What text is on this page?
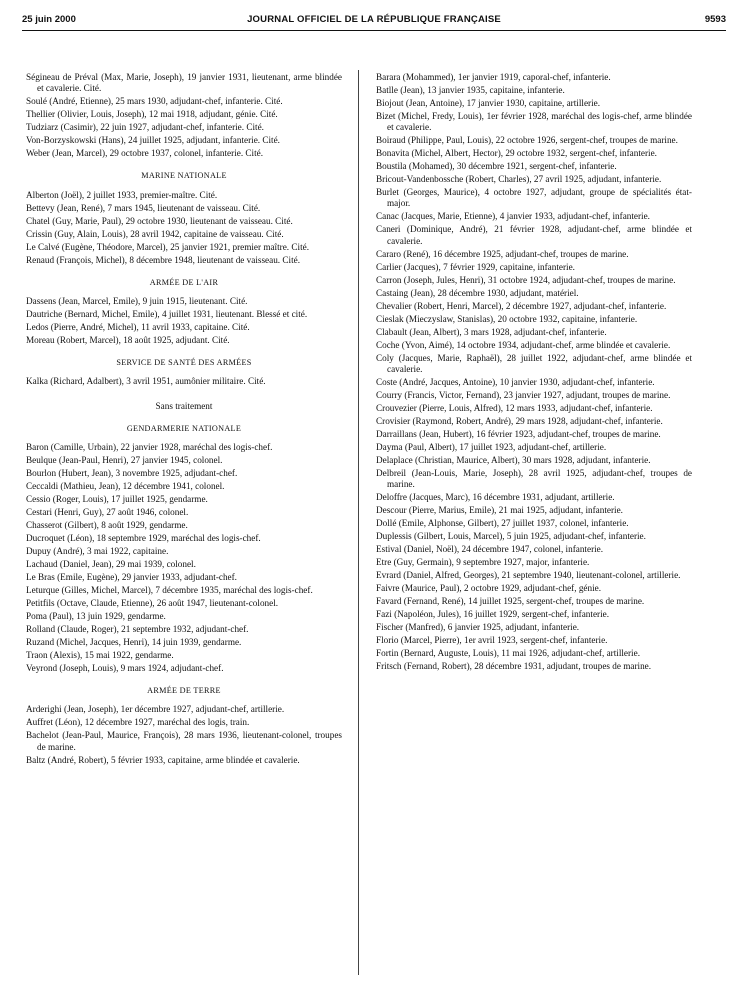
25 juin 2000	JOURNAL OFFICIEL DE LA RÉPUBLIQUE FRANÇAISE	9593
Ségineau de Préval (Max, Marie, Joseph), 19 janvier 1931, lieutenant, arme blindée et cavalerie. Cité.
Soulé (André, Etienne), 25 mars 1930, adjudant-chef, infanterie. Cité.
Thellier (Olivier, Louis, Joseph), 12 mai 1918, adjudant, génie. Cité.
Tudziarz (Casimir), 22 juin 1927, adjudant-chef, infanterie. Cité.
Von-Borzyskowski (Hans), 24 juillet 1925, adjudant, infanterie. Cité.
Weber (Jean, Marcel), 29 octobre 1937, colonel, infanterie. Cité.
MARINE NATIONALE
Alberton (Joël), 2 juillet 1933, premier-maître. Cité.
Bettevy (Jean, René), 7 mars 1945, lieutenant de vaisseau. Cité.
Chatel (Guy, Marie, Paul), 29 octobre 1930, lieutenant de vaisseau. Cité.
Crissin (Guy, Alain, Louis), 28 avril 1942, capitaine de vaisseau. Cité.
Le Calvé (Eugène, Théodore, Marcel), 25 janvier 1921, premier maître. Cité.
Renaud (François, Michel), 8 décembre 1948, lieutenant de vaisseau. Cité.
ARMÉE DE L'AIR
Dassens (Jean, Marcel, Emile), 9 juin 1915, lieutenant. Cité.
Dautriche (Bernard, Michel, Emile), 4 juillet 1931, lieutenant. Blessé et cité.
Ledos (Pierre, André, Michel), 11 avril 1933, capitaine. Cité.
Moreau (Robert, Marcel), 18 août 1925, adjudant. Cité.
SERVICE DE SANTÉ DES ARMÉES
Kalka (Richard, Adalbert), 3 avril 1951, aumônier militaire. Cité.
Sans traitement
GENDARMERIE NATIONALE
Baron (Camille, Urbain), 22 janvier 1928, maréchal des logis-chef.
Beulque (Jean-Paul, Henri), 27 janvier 1945, colonel.
Bourlon (Hubert, Jean), 3 novembre 1925, adjudant-chef.
Ceccaldi (Mathieu, Jean), 12 décembre 1941, colonel.
Cessio (Roger, Louis), 17 juillet 1925, gendarme.
Cestari (Henri, Guy), 27 août 1946, colonel.
Chasserot (Gilbert), 8 août 1929, gendarme.
Ducroquet (Léon), 18 septembre 1929, maréchal des logis-chef.
Dupuy (André), 3 mai 1922, capitaine.
Lachaud (Daniel, Jean), 29 mai 1939, colonel.
Le Bras (Emile, Eugène), 29 janvier 1933, adjudant-chef.
Leturque (Gilles, Michel, Marcel), 7 décembre 1935, maréchal des logis-chef.
Petitfils (Octave, Claude, Etienne), 26 août 1947, lieutenant-colonel.
Poma (Paul), 13 juin 1929, gendarme.
Rolland (Claude, Roger), 21 septembre 1932, adjudant-chef.
Ruzand (Michel, Jacques, Henri), 14 juin 1939, gendarme.
Traon (Alexis), 15 mai 1922, gendarme.
Veyrond (Joseph, Louis), 9 mars 1924, adjudant-chef.
ARMÉE DE TERRE
Arderighi (Jean, Joseph), 1er décembre 1927, adjudant-chef, artillerie.
Auffret (Léon), 12 décembre 1927, maréchal des logis, train.
Bachelot (Jean-Paul, Maurice, François), 28 mars 1936, lieutenant-colonel, troupes de marine.
Baltz (André, Robert), 5 février 1933, capitaine, arme blindée et cavalerie.
Barara (Mohammed), 1er janvier 1919, caporal-chef, infanterie.
Batlle (Jean), 13 janvier 1935, capitaine, infanterie.
Biojout (Jean, Antoine), 17 janvier 1930, capitaine, artillerie.
Bizet (Michel, Fredy, Louis), 1er février 1928, maréchal des logis-chef, arme blindée et cavalerie.
Boiraud (Philippe, Paul, Louis), 22 octobre 1926, sergent-chef, troupes de marine.
Bonavita (Michel, Albert, Hector), 29 octobre 1932, sergent-chef, infanterie.
Boustila (Mohamed), 30 décembre 1921, sergent-chef, infanterie.
Bricout-Vandenbossche (Robert, Charles), 27 avril 1925, adjudant, infanterie.
Burlet (Georges, Maurice), 4 octobre 1927, adjudant, groupe de spécialités état-major.
Canac (Jacques, Marie, Etienne), 4 janvier 1933, adjudant-chef, infanterie.
Caneri (Dominique, André), 21 février 1928, adjudant-chef, arme blindée et cavalerie.
Cararo (René), 16 décembre 1925, adjudant-chef, troupes de marine.
Carlier (Jacques), 7 février 1929, capitaine, infanterie.
Carron (Joseph, Jules, Henri), 31 octobre 1924, adjudant-chef, troupes de marine.
Castaing (Jean), 28 décembre 1930, adjudant, matériel.
Chevalier (Robert, Henri, Marcel), 2 décembre 1927, adjudant-chef, infanterie.
Cieslak (Mieczyslaw, Stanislas), 20 octobre 1932, capitaine, infanterie.
Clabault (Jean, Albert), 3 mars 1928, adjudant-chef, infanterie.
Coche (Yvon, Aimé), 14 octobre 1934, adjudant-chef, arme blindée et cavalerie.
Coly (Jacques, Marie, Raphaël), 28 juillet 1922, adjudant-chef, arme blindée et cavalerie.
Coste (André, Jacques, Antoine), 10 janvier 1930, adjudant-chef, infanterie.
Courry (Francis, Victor, Fernand), 23 janvier 1927, adjudant, troupes de marine.
Crouvezier (Pierre, Louis, Alfred), 12 mars 1933, adjudant-chef, infanterie.
Crovisier (Raymond, Robert, André), 29 mars 1928, adjudant-chef, infanterie.
Darraillans (Jean, Hubert), 16 février 1923, adjudant-chef, troupes de marine.
Dayma (Paul, Albert), 17 juillet 1923, adjudant-chef, artillerie.
Delaplace (Christian, Maurice, Albert), 30 mars 1928, adjudant, infanterie.
Delbreil (Jean-Louis, Marie, Joseph), 28 avril 1925, adjudant-chef, troupes de marine.
Deloffre (Jacques, Marc), 16 décembre 1931, adjudant, artillerie.
Descour (Pierre, Marius, Emile), 21 mai 1925, adjudant, infanterie.
Dollé (Emile, Alphonse, Gilbert), 27 juillet 1937, colonel, infanterie.
Duplessis (Gilbert, Louis, Marcel), 5 juin 1925, adjudant-chef, infanterie.
Estival (Daniel, Noël), 24 décembre 1947, colonel, infanterie.
Etre (Guy, Germain), 9 septembre 1927, major, infanterie.
Evrard (Daniel, Alfred, Georges), 21 septembre 1940, lieutenant-colonel, artillerie.
Faivre (Maurice, Paul), 2 octobre 1929, adjudant-chef, génie.
Favard (Fernand, René), 14 juillet 1925, sergent-chef, troupes de marine.
Fazi (Napoléon, Jules), 16 juillet 1929, sergent-chef, infanterie.
Fischer (Manfred), 6 janvier 1925, adjudant, infanterie.
Florio (Marcel, Pierre), 1er avril 1923, sergent-chef, infanterie.
Fortin (Bernard, Auguste, Louis), 11 mai 1926, adjudant-chef, artillerie.
Fritsch (Fernand, Robert), 28 décembre 1931, adjudant, troupes de marine.
